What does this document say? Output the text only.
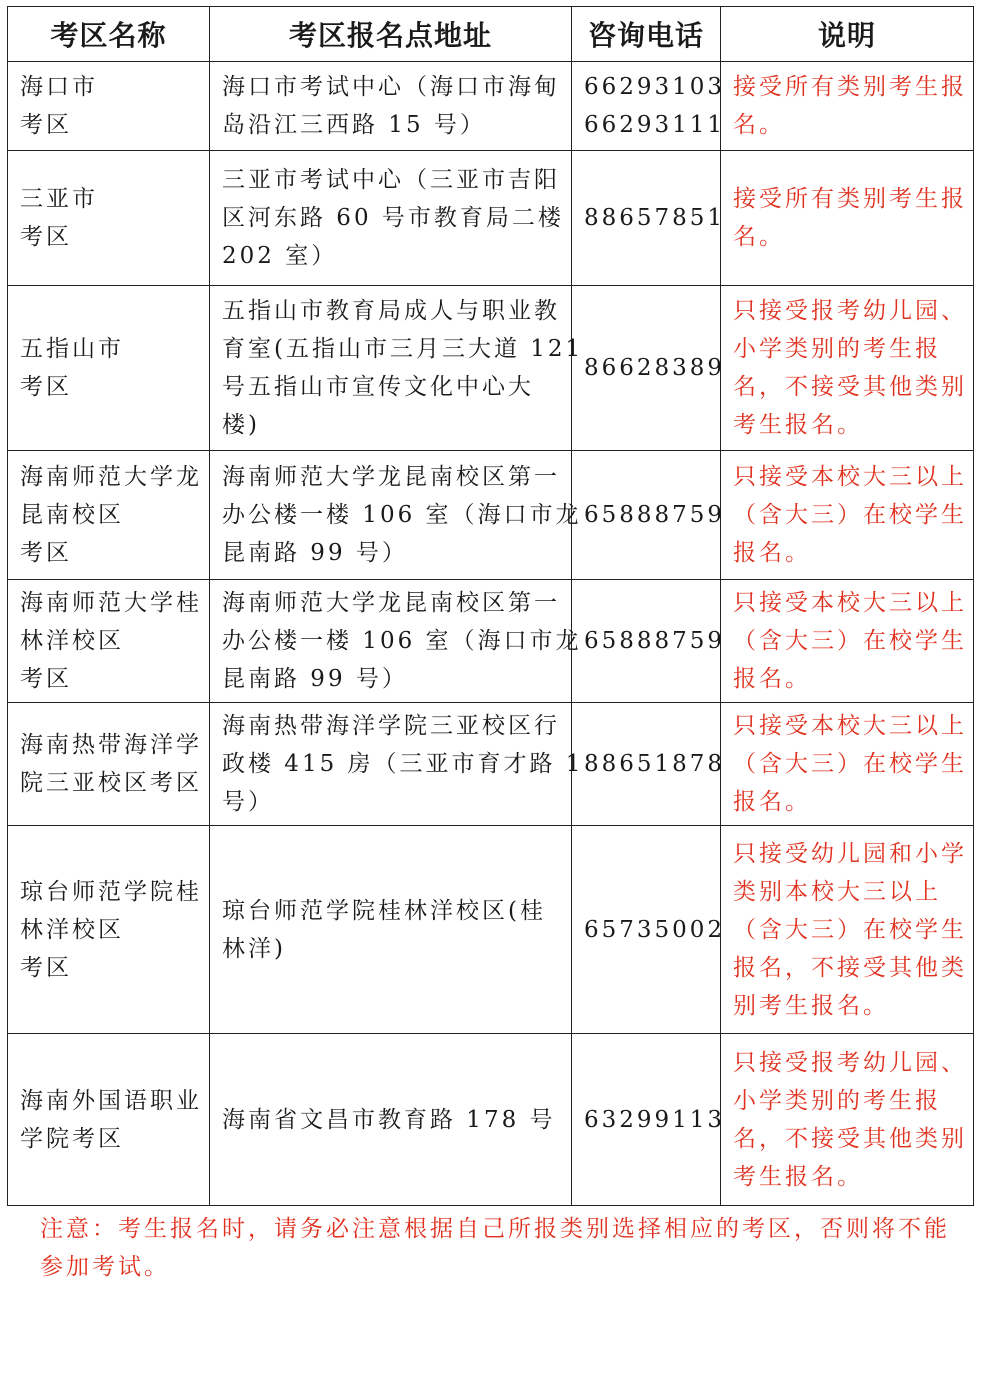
考区名称	考区报名点地址	咨询电话	说明

海口市
考区	海口市考试中心（海口市海甸
岛沿江三西路 15 号）	66293103
66293111	接受所有类别考生报
名。

三亚市
考区	三亚市考试中心（三亚市吉阳
区河东路 60 号市教育局二楼
202 室）	88657851	接受所有类别考生报
名。

五指山市
考区	五指山市教育局成人与职业教
育室(五指山市三月三大道 121
号五指山市宣传文化中心大
楼)	86628389	只接受报考幼儿园、
小学类别的考生报
名，不接受其他类别
考生报名。

海南师范大学龙
昆南校区
考区	海南师范大学龙昆南校区第一
办公楼一楼 106 室（海口市龙
昆南路 99 号）	65888759	只接受本校大三以上
（含大三）在校学生
报名。

海南师范大学桂
林洋校区
考区	海南师范大学龙昆南校区第一
办公楼一楼 106 室（海口市龙
昆南路 99 号）	65888759	只接受本校大三以上
（含大三）在校学生
报名。

海南热带海洋学
院三亚校区考区	海南热带海洋学院三亚校区行
政楼 415 房（三亚市育才路 1
号）	88651878	只接受本校大三以上
（含大三）在校学生
报名。

琼台师范学院桂
林洋校区
考区	琼台师范学院桂林洋校区(桂
林洋)	65735002	只接受幼儿园和小学
类别本校大三以上
（含大三）在校学生
报名，不接受其他类
别考生报名。

海南外国语职业
学院考区	海南省文昌市教育路 178 号	63299113	只接受报考幼儿园、
小学类别的考生报
名，不接受其他类别
考生报名。
注意：考生报名时，请务必注意根据自己所报类别选择相应的考区，否则将不能
参加考试。
